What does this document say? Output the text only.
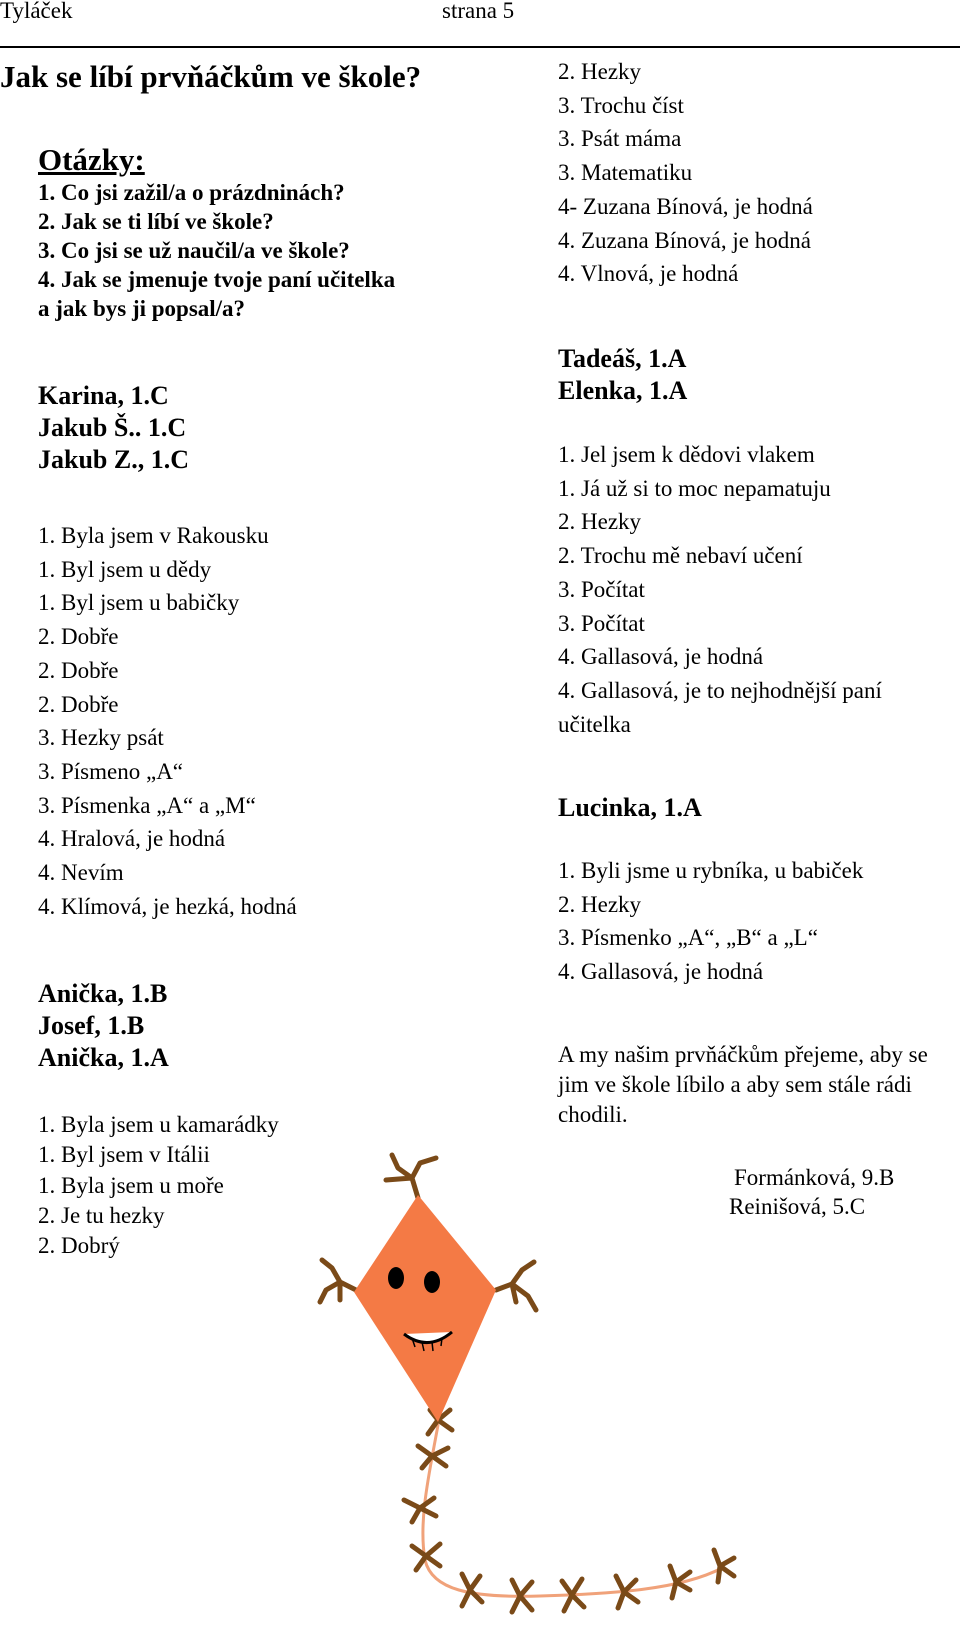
Tyláček	strana 5
Jak se líbí prvňáčkům ve škole?
Otázky:
1. Co jsi zažil/a o prázdninách?
2. Jak se ti líbí ve škole?
3. Co jsi se už naučil/a ve škole?
4. Jak se jmenuje tvoje paní učitelka
a jak bys ji popsal/a?
Karina, 1.C
Jakub Š.. 1.C
Jakub Z., 1.C
1. Byla jsem v Rakousku
1. Byl jsem u dědy
1. Byl jsem u babičky
2. Dobře
2. Dobře
2. Dobře
3. Hezky psát
3. Písmeno „A“
3. Písmenka „A“ a „M“
4. Hralová, je hodná
4. Nevím
4. Klímová, je hezká, hodná
Anička, 1.B
Josef, 1.B
Anička, 1.A
1. Byla jsem u kamarádky
1. Byl jsem v Itálii
1. Byla jsem u moře
2. Je tu hezky
2. Dobrý
2. Hezky
3. Trochu číst
3. Psát máma
3. Matematiku
4- Zuzana Bínová, je hodná
4. Zuzana Bínová, je hodná
4. Vlnová, je hodná
Tadeáš, 1.A
Elenka, 1.A
1. Jel jsem k dědovi vlakem
1. Já už si to moc nepamatuju
2. Hezky
2. Trochu mě nebaví učení
3. Počítat
3. Počítat
4. Gallasová, je hodná
4. Gallasová, je to nejhodnější paní učitelka
Lucinka, 1.A
1. Byli jsme u rybníka, u babiček
2. Hezky
3. Písmenko „A“, „B“ a „L“
4. Gallasová, je hodná
A my našim prvňáčkům přejeme, aby se jim ve škole líbilo a aby sem stále rádi chodili.
Formánková, 9.B
Reinišová, 5.C
